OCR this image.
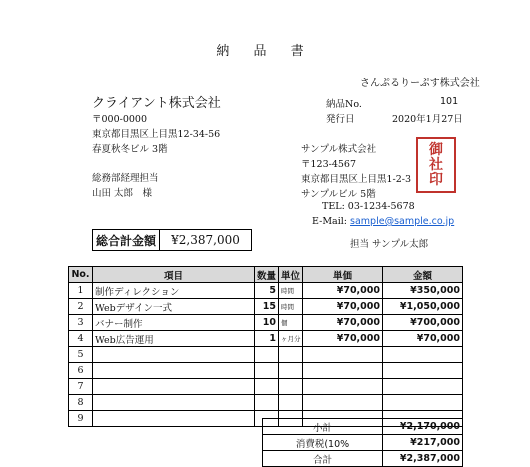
納 品 書
さんぷるりーぷす株式会社
クライアント株式会社
〒000-0000
東京都目黒区上目黒12-34-56
春夏秋冬ビル 3階
総務部経理担当
山田 太郎　様
納品No.	101
発行日	2020年1月27日
サンプル株式会社
〒123-4567
東京都目黒区上目黒1-2-3
サンプルビル 5階
TEL: 03-1234-5678
E-Mail: sample@sample.co.jp
担当 サンプル太郎
御
社
印
総合計金額	¥2,387,000
No.	項目	数量	単位	単価	金額
1	制作ディレクション	5	時間	¥70,000	¥350,000
2	Webデザイン一式	15	時間	¥70,000	¥1,050,000
3	バナー制作	10	個	¥70,000	¥700,000
4	Web広告運用	1	ヶ月分	¥70,000	¥70,000
5					
6					
7					
8					
9					
小計	¥2,170,000
消費税(10%	¥217,000
合計	¥2,387,000
